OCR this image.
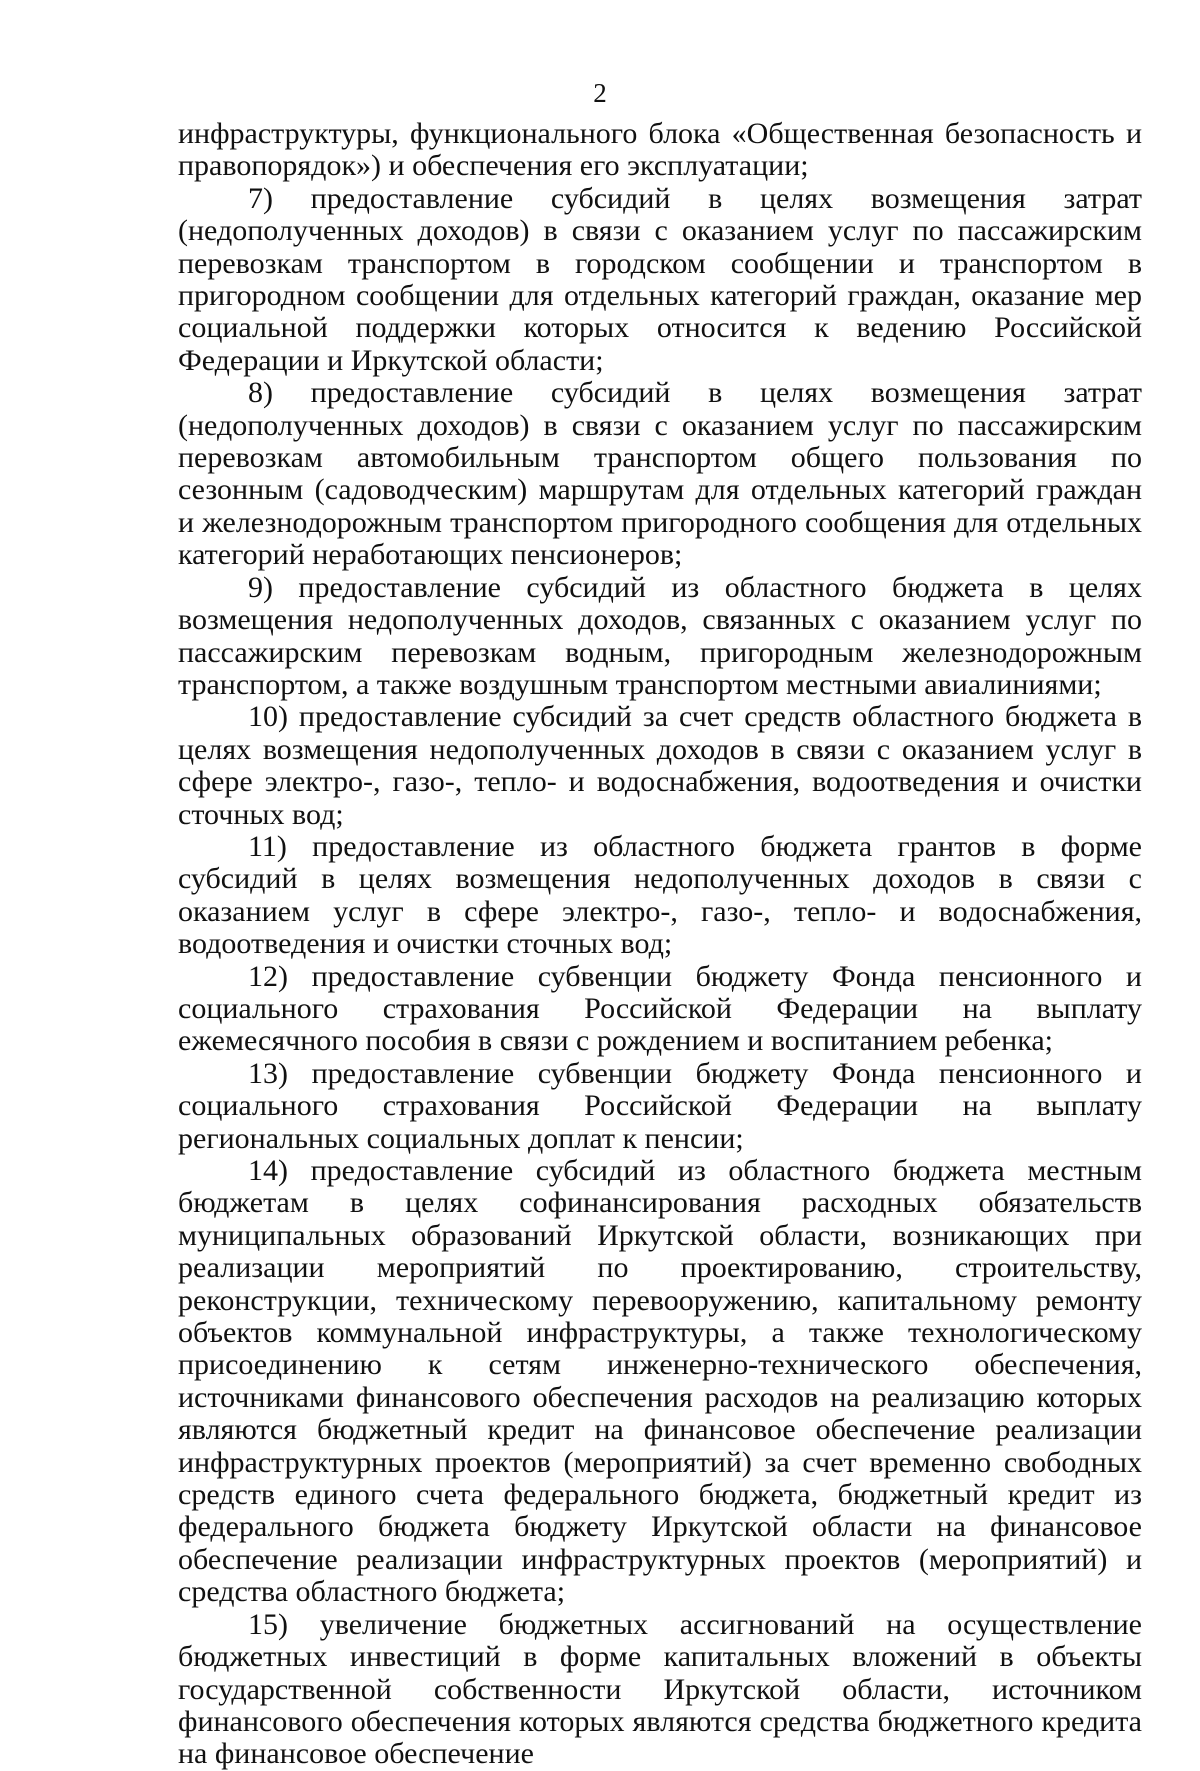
2

инфраструктуры, функционального блока «Общественная безопасность и правопорядок») и обеспечения его эксплуатации;

7) предоставление субсидий в целях возмещения затрат (недополученных доходов) в связи с оказанием услуг по пассажирским перевозкам транспортом в городском сообщении и транспортом в пригородном сообщении для отдельных категорий граждан, оказание мер социальной поддержки которых относится к ведению Российской Федерации и Иркутской области;

8) предоставление субсидий в целях возмещения затрат (недополученных доходов) в связи с оказанием услуг по пассажирским перевозкам автомобильным транспортом общего пользования по сезонным (садоводческим) маршрутам для отдельных категорий граждан и железнодорожным транспортом пригородного сообщения для отдельных категорий неработающих пенсионеров;

9) предоставление субсидий из областного бюджета в целях возмещения недополученных доходов, связанных с оказанием услуг по пассажирским перевозкам водным, пригородным железнодорожным транспортом, а также воздушным транспортом местными авиалиниями;

10) предоставление субсидий за счет средств областного бюджета в целях возмещения недополученных доходов в связи с оказанием услуг в сфере электро-, газо-, тепло- и водоснабжения, водоотведения и очистки сточных вод;

11) предоставление из областного бюджета грантов в форме субсидий в целях возмещения недополученных доходов в связи с оказанием услуг в сфере электро-, газо-, тепло- и водоснабжения, водоотведения и очистки сточных вод;

12) предоставление субвенции бюджету Фонда пенсионного и социального страхования Российской Федерации на выплату ежемесячного пособия в связи с рождением и воспитанием ребенка;

13) предоставление субвенции бюджету Фонда пенсионного и социального страхования Российской Федерации на выплату региональных социальных доплат к пенсии;

14) предоставление субсидий из областного бюджета местным бюджетам в целях софинансирования расходных обязательств муниципальных образований Иркутской области, возникающих при реализации мероприятий по проектированию, строительству, реконструкции, техническому перевооружению, капитальному ремонту объектов коммунальной инфраструктуры, а также технологическому присоединению к сетям инженерно-технического обеспечения, источниками финансового обеспечения расходов на реализацию которых являются бюджетный кредит на финансовое обеспечение реализации инфраструктурных проектов (мероприятий) за счет временно свободных средств единого счета федерального бюджета, бюджетный кредит из федерального бюджета бюджету Иркутской области на финансовое обеспечение реализации инфраструктурных проектов (мероприятий) и средства областного бюджета;

15) увеличение бюджетных ассигнований на осуществление бюджетных инвестиций в форме капитальных вложений в объекты государственной собственности Иркутской области, источником финансового обеспечения которых являются средства бюджетного кредита на финансовое обеспечение
